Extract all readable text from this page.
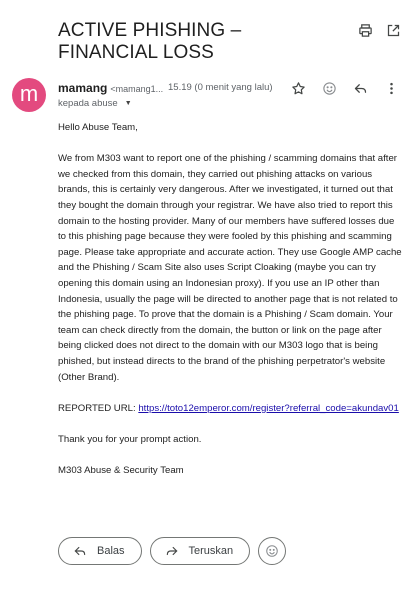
ACTIVE PHISHING – FINANCIAL LOSS
m	mamang <mamang1... 15.19 (0 menit yang lalu)
kepada abuse ▼

Hello Abuse Team,

We from M303 want to report one of the phishing / scamming domains that after we checked from this domain, they carried out phishing attacks on various brands, this is certainly very dangerous. After we investigated, it turned out that they bought the domain through your registrar. We have also tried to report this domain to the hosting provider. Many of our members have suffered losses due to this phishing page because they were fooled by this phishing and scamming page. Please take appropriate and accurate action. They use Google AMP cache and the Phishing / Scam Site also uses Script Cloaking (maybe you can try opening this domain using an Indonesian proxy). If you use an IP other than Indonesia, usually the page will be directed to another page that is not related to the phishing page. To prove that the domain is a Phishing / Scam domain. Your team can check directly from the domain, the button or link on the page after being clicked does not direct to the domain with our M303 logo that is being phished, but instead directs to the brand of the phishing perpetrator's website (Other Brand).

REPORTED URL: https://toto12emperor.com/register?referral_code=akundav01

Thank you for your prompt action.

M303 Abuse & Security Team

Balas	Teruskan
